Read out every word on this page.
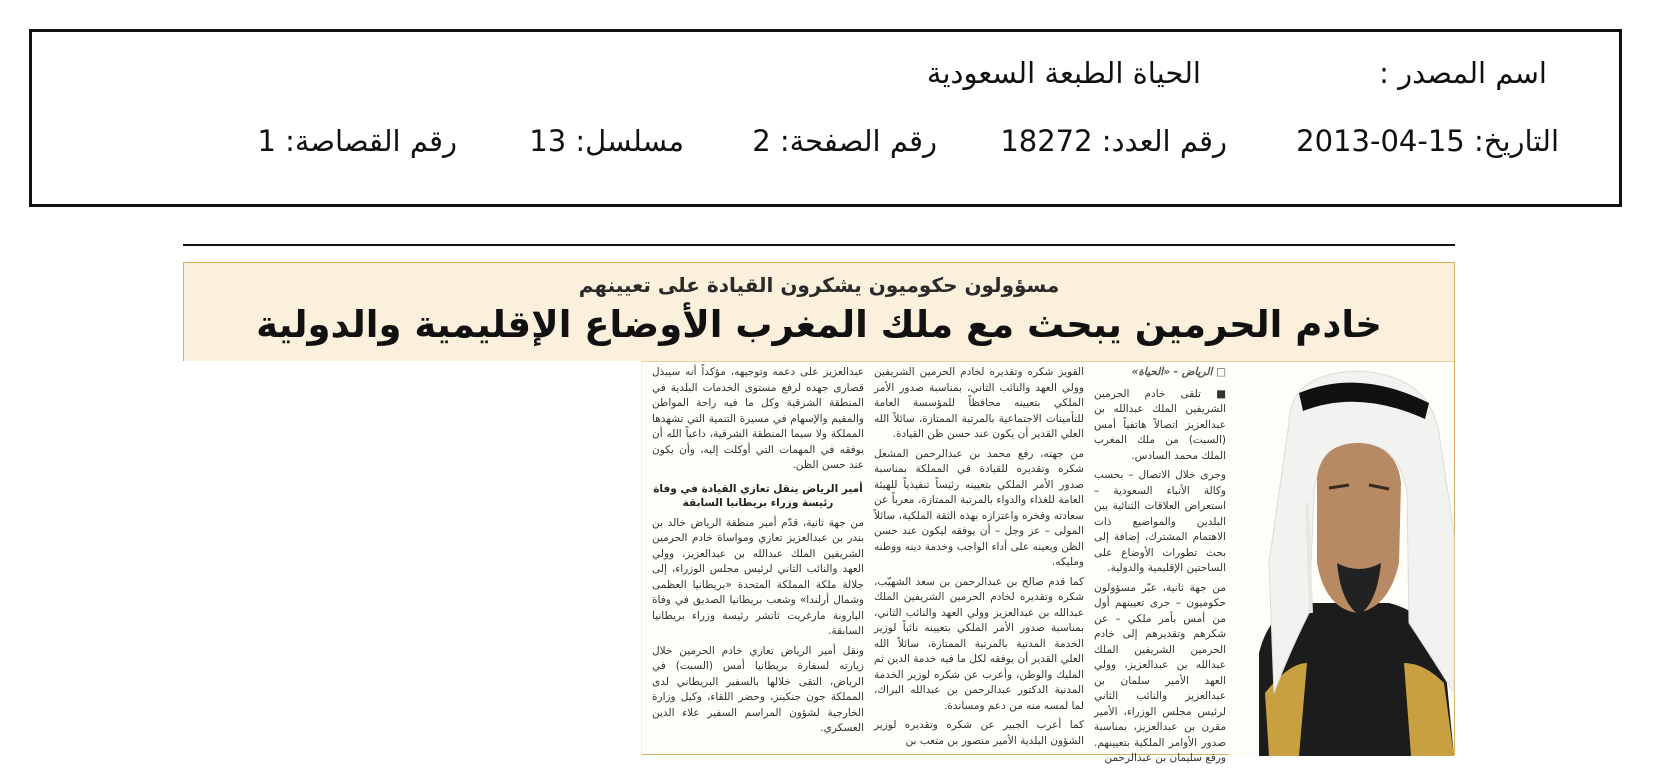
اسم المصدر :
الحياة الطبعة السعودية
التاريخ: 15-04-2013
رقم العدد: 18272
رقم الصفحة: 2
مسلسل: 13
رقم القصاصة: 1
مسؤولون حكوميون يشكرون القيادة على تعيينهم
خادم الحرمين يبحث مع ملك المغرب الأوضاع الإقليمية والدولية

□ الرياض - «الحياة»

■ تلقى خادم الحرمين الشريفين الملك عبدالله بن عبدالعزيز اتصالاً هاتفياً أمس (السبت) من ملك المغرب الملك محمد السادس.

وجرى خلال الاتصال – بحسب وكالة الأنباء السعودية – استعراض العلاقات الثنائية بين البلدين والمواضيع ذات الاهتمام المشترك، إضافة إلى بحث تطورات الأوضاع على الساحتين الإقليمية والدولية.

من جهة ثانية، عبّر مسؤولون حكوميون – جرى تعيينهم أول من أمس بأمر ملكي – عن شكرهم وتقديرهم إلى خادم الحرمين الشريفين الملك عبدالله بن عبدالعزيز، وولي العهد الأمير سلمان بن عبدالعزيز والنائب الثاني لرئيس مجلس الوزراء، الأمير مقرن بن عبدالعزيز، بمناسبة صدور الأوامر الملكية بتعيينهم. ورفع سليمان بن عبدالرحمن

القويز شكره وتقديره لخادم الحرمين الشريفين وولي العهد والنائب الثاني، بمناسبة صدور الأمر الملكي بتعيينه محافظاً للمؤسسة العامة للتأمينات الاجتماعية بالمرتبة الممتازة، سائلاً الله العلي القدير أن يكون عند حسن ظن القيادة.

من جهته، رفع محمد بن عبدالرحمن المشعل شكره وتقديره للقيادة في المملكة بمناسبة صدور الأمر الملكي بتعيينه رئيساً تنفيذياً للهيئة العامة للغذاء والدواء بالمرتبة الممتازة، معرباً عن سعادته وفخره واعتزازه بهذه الثقة الملكية، سائلاً المولى – عز وجل – أن يوفقه ليكون عند حسن الظن ويعينه على أداء الواجب وخدمة دينه ووطنه ومليكه.

كما قدم صالح بن عبدالرحمن بن سعد الشهيّب، شكره وتقديره لخادم الحرمين الشريفين الملك عبدالله بن عبدالعزيز وولي العهد والنائب الثاني، بمناسبة صدور الأمر الملكي بتعيينه نائباً لوزير الخدمة المدنية بالمرتبة الممتازة، سائلاً الله العلي القدير أن يوفقه لكل ما فيه خدمة الدين ثم المليك والوطن، وأعرب عن شكره لوزير الخدمة المدنية الدكتور عبدالرحمن بن عبدالله البراك، لما لمسه منه من دعم ومساندة.

كما أعرب الجبير عن شكره وتقديره لوزير الشؤون البلدية الأمير منصور بن متعب بن

عبدالعزيز على دعمه وتوجيهه، مؤكداً أنه سيبذل قصارى جهده لرفع مستوى الخدمات البلدية في المنطقة الشرقية وكل ما فيه راحة المواطن والمقيم والإسهام في مسيرة التنمية التي تشهدها المملكة ولا سيما المنطقة الشرقية، داعياً الله أن يوفقه في المهمات التي أوكلت إليه، وأن يكون عند حسن الظن.

أمير الرياض ينقل تعازي القيادة في وفاة رئيسة وزراء بريطانيا السابقة

من جهة ثانية، قدّم أمير منطقة الرياض خالد بن بندر بن عبدالعزيز تعازي ومواساة خادم الحرمين الشريفين الملك عبدالله بن عبدالعزيز، وولي العهد والنائب الثاني لرئيس مجلس الوزراء، إلى جلالة ملكة المملكة المتحدة «بريطانيا العظمى وشمال أرلندا» وشعب بريطانيا الصديق في وفاة البارونة مارغريت ثاتشر رئيسة وزراء بريطانيا السابقة.

ونقل أمير الرياض تعازي خادم الحرمين خلال زيارته لسفارة بريطانيا أمس (السبت) في الرياض، التقى خلالها بالسفير البريطاني لدى المملكة جون جنكينز، وحضر اللقاء، وكيل وزارة الخارجية لشؤون المراسم السفير علاء الدين العسكري.
